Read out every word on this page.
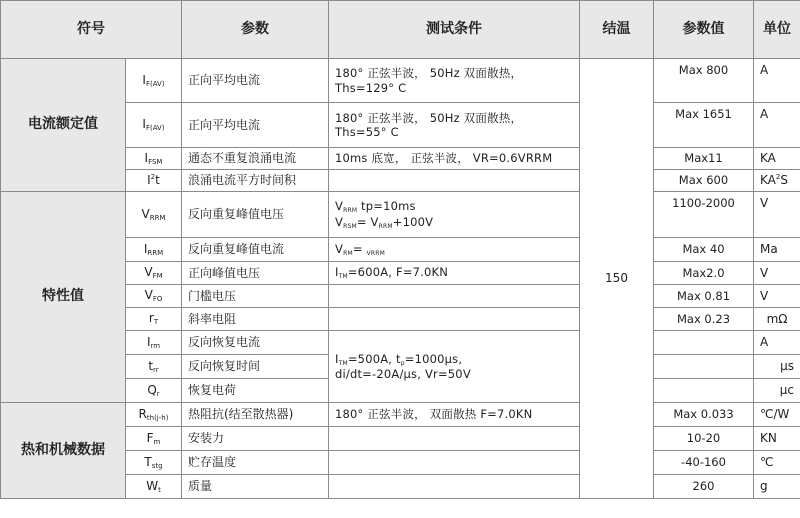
符号		参数	测试条件	结温	参数值	单位
电流额定值	$I_{F(AV)}$	正向平均电流	180° 正弦半波， 50Hz 双面散热，
Ths=129° C	150	Max 800	A
	$I_{F(AV)}$	正向平均电流	180° 正弦半波， 50Hz 双面散热，
Ths=55° C		Max 1651	A
	$I_{FSM}$	通态不重复浪涌电流	10ms 底宽， 正弦半波， VR=0.6VRRM		Max11	KA
	$I^2t$	浪涌电流平方时间积			Max 600	$KA^2S$
特性值	$V_{RRM}$	反向重复峰值电压	$V_{RRM}$ tp=10ms
$V_{RSM}= V_{RRM}+100V$		1100-2000	V
	$I_{RRM}$	反向重复峰值电流	$V_{RM}= _{VRRM}$		Max 40	Ma
	$V_{FM}$	正向峰值电压	$I_{TM}=600A$, F=7.0KN		Max2.0	V
	$V_{FO}$	门槛电压			Max 0.81	V
	$r_T$	斜率电阻			Max 0.23	mΩ
	$I_{rm}$	反向恢复电流	$I_{TM}=500A$, $t_p=1000\mu s$,
di/dt=-20A/μs, Vr=50V			A
	$t_{rr}$	反向恢复时间				μs
	$Q_r$	恢复电荷				μc
热和机械数据	$R_{th(j-h)}$	热阻抗(结至散热器)	180° 正弦半波， 双面散热 F=7.0KN		Max 0.033	℃/W
	$F_m$	安装力			10-20	KN
	$T_{stg}$	贮存温度			-40-160	℃
	$W_t$	质量			260	g
